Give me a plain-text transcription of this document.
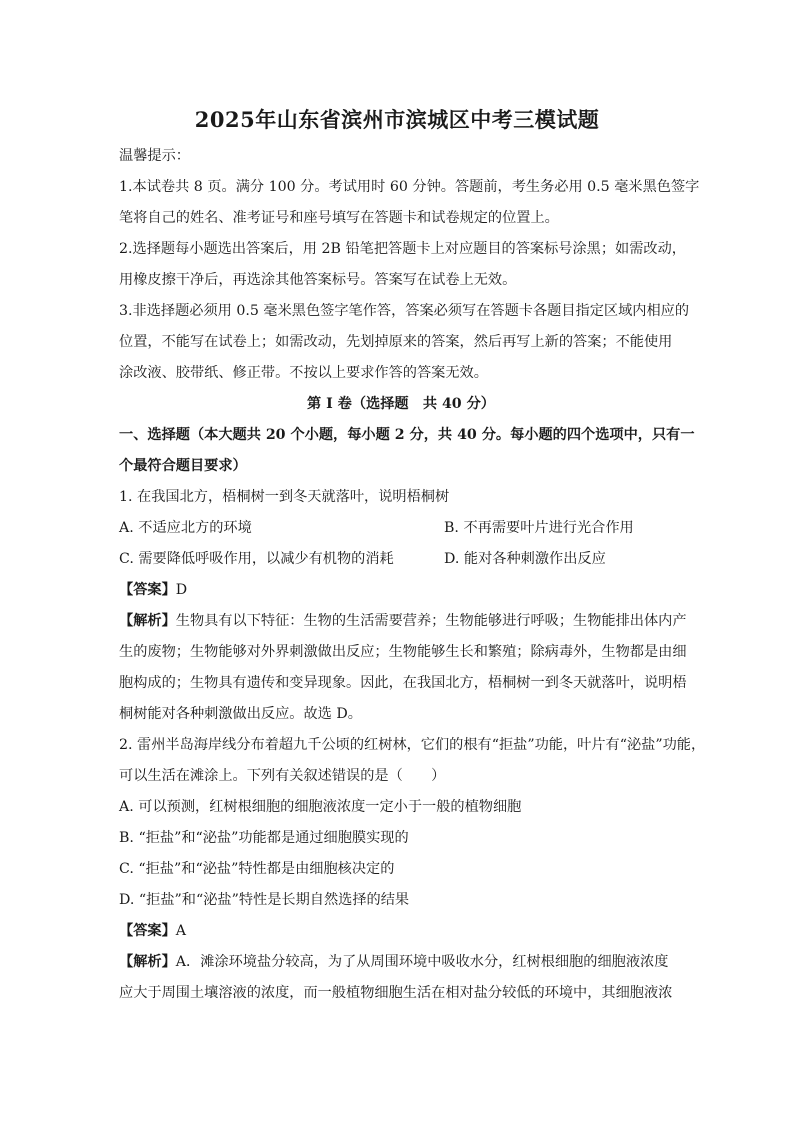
2025年山东省滨州市滨城区中考三模试题
温馨提示：
1.本试卷共 8 页。满分 100 分。考试用时 60 分钟。答题前，考生务必用 0.5 毫米黑色签字
笔将自己的姓名、准考证号和座号填写在答题卡和试卷规定的位置上。
2.选择题每小题选出答案后，用 2B 铅笔把答题卡上对应题目的答案标号涂黑；如需改动，
用橡皮擦干净后，再选涂其他答案标号。答案写在试卷上无效。
3.非选择题必须用 0.5 毫米黑色签字笔作答，答案必须写在答题卡各题目指定区域内相应的
位置，不能写在试卷上；如需改动，先划掉原来的答案，然后再写上新的答案；不能使用
涂改液、胶带纸、修正带。不按以上要求作答的答案无效。
第 I 卷（选择题　共 40 分）
一、选择题（本大题共 20 个小题，每小题 2 分，共 40 分。每小题的四个选项中，只有一
个最符合题目要求）
1. 在我国北方，梧桐树一到冬天就落叶，说明梧桐树
A. 不适应北方的环境	B. 不再需要叶片进行光合作用
C. 需要降低呼吸作用，以减少有机物的消耗	D. 能对各种刺激作出反应
【答案】D
【解析】生物具有以下特征：生物的生活需要营养；生物能够进行呼吸；生物能排出体内产
生的废物；生物能够对外界刺激做出反应；生物能够生长和繁殖；除病毒外，生物都是由细
胞构成的；生物具有遗传和变异现象。因此，在我国北方，梧桐树一到冬天就落叶，说明梧
桐树能对各种刺激做出反应。故选 D。
2. 雷州半岛海岸线分布着超九千公顷的红树林，它们的根有“拒盐”功能，叶片有“泌盐”功能，
可以生活在滩涂上。下列有关叙述错误的是（　　）
A. 可以预测，红树根细胞的细胞液浓度一定小于一般的植物细胞
B. “拒盐”和“泌盐”功能都是通过细胞膜实现的
C. “拒盐”和“泌盐”特性都是由细胞核决定的
D. “拒盐”和“泌盐”特性是长期自然选择的结果
【答案】A
【解析】A．滩涂环境盐分较高，为了从周围环境中吸收水分，红树根细胞的细胞液浓度
应大于周围土壤溶液的浓度，而一般植物细胞生活在相对盐分较低的环境中，其细胞液浓
